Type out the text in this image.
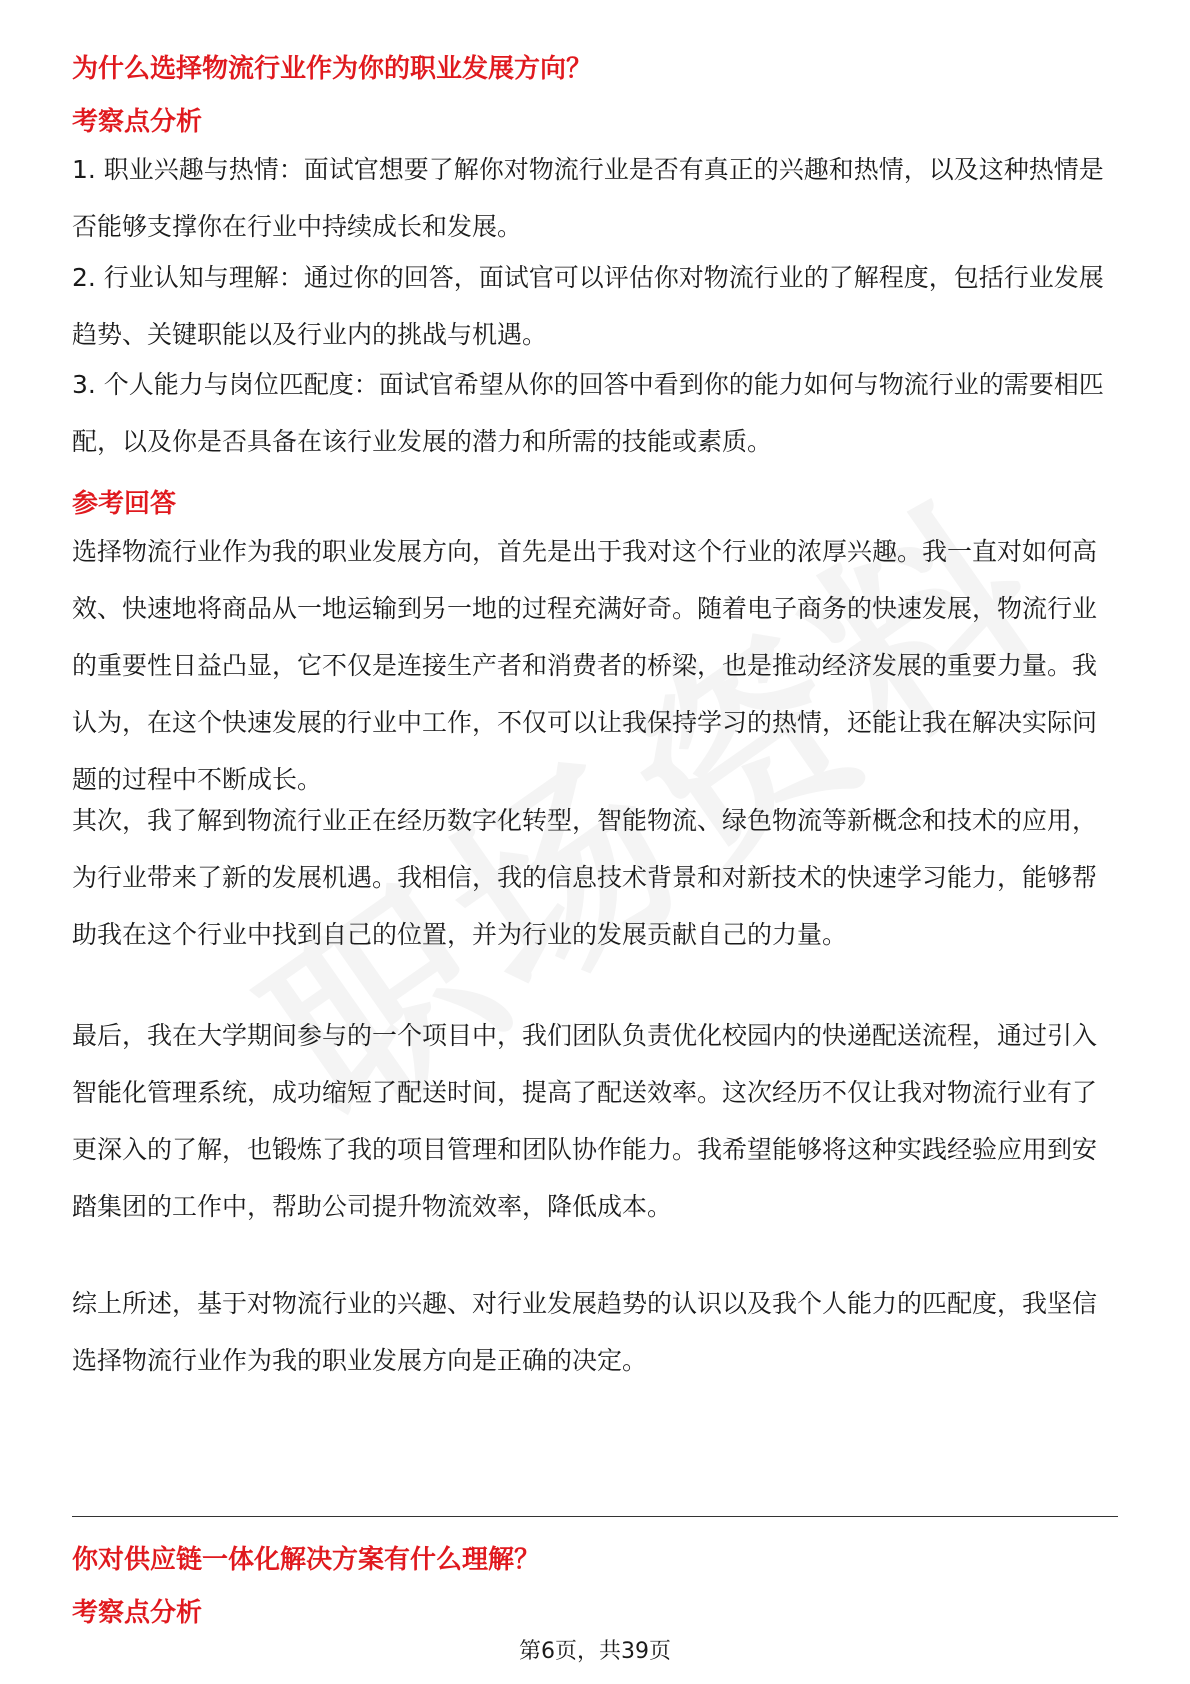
为什么选择物流行业作为你的职业发展方向？
考察点分析

1. 职业兴趣与热情：面试官想要了解你对物流行业是否有真正的兴趣和热情，以及这种热情是否能够支撑你在行业中持续成长和发展。

2. 行业认知与理解：通过你的回答，面试官可以评估你对物流行业的了解程度，包括行业发展趋势、关键职能以及行业内的挑战与机遇。

3. 个人能力与岗位匹配度：面试官希望从你的回答中看到你的能力如何与物流行业的需要相匹配，以及你是否具备在该行业发展的潜力和所需的技能或素质。

参考回答

选择物流行业作为我的职业发展方向，首先是出于我对这个行业的浓厚兴趣。我一直对如何高效、快速地将商品从一地运输到另一地的过程充满好奇。随着电子商务的快速发展，物流行业的重要性日益凸显，它不仅是连接生产者和消费者的桥梁，也是推动经济发展的重要力量。我认为，在这个快速发展的行业中工作，不仅可以让我保持学习的热情，还能让我在解决实际问题的过程中不断成长。

其次，我了解到物流行业正在经历数字化转型，智能物流、绿色物流等新概念和技术的应用，为行业带来了新的发展机遇。我相信，我的信息技术背景和对新技术的快速学习能力，能够帮助我在这个行业中找到自己的位置，并为行业的发展贡献自己的力量。

最后，我在大学期间参与的一个项目中，我们团队负责优化校园内的快递配送流程，通过引入智能化管理系统，成功缩短了配送时间，提高了配送效率。这次经历不仅让我对物流行业有了更深入的了解，也锻炼了我的项目管理和团队协作能力。我希望能够将这种实践经验应用到安踏集团的工作中，帮助公司提升物流效率，降低成本。

综上所述，基于对物流行业的兴趣、对行业发展趋势的认识以及我个人能力的匹配度，我坚信选择物流行业作为我的职业发展方向是正确的决定。

你对供应链一体化解决方案有什么理解？
考察点分析
第6页，共39页
